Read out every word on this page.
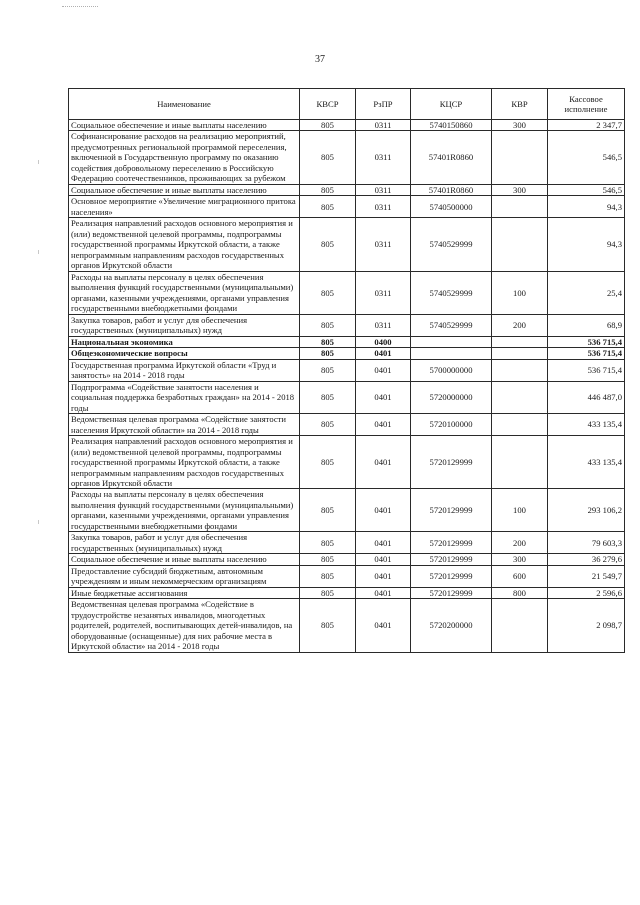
37
Наименование	КВСР	РзПР	КЦСР	КВР	Кассовое исполнение
Социальное обеспечение и иные выплаты населению	805	0311	5740150860	300	2 347,7
Софинансирование расходов на реализацию мероприятий, предусмотренных региональной программой переселения, включенной в Государственную программу по оказанию содействия добровольному переселению в Российскую Федерацию соотечественников, проживающих за рубежом	805	0311	57401R0860		546,5
Социальное обеспечение и иные выплаты населению	805	0311	57401R0860	300	546,5
Основное мероприятие «Увеличение миграционного притока населения»	805	0311	5740500000		94,3
Реализация направлений расходов основного мероприятия и (или) ведомственной целевой программы, подпрограммы государственной программы Иркутской области, а также непрограммным направлениям расходов государственных органов Иркутской области	805	0311	5740529999		94,3
Расходы на выплаты персоналу в целях обеспечения выполнения функций государственными (муниципальными) органами, казенными учреждениями, органами управления государственными внебюджетными фондами	805	0311	5740529999	100	25,4
Закупка товаров, работ и услуг для обеспечения государственных (муниципальных) нужд	805	0311	5740529999	200	68,9
Национальная экономика	805	0400			536 715,4
Общеэкономические вопросы	805	0401			536 715,4
Государственная программа Иркутской области «Труд и занятость» на 2014 - 2018 годы	805	0401	5700000000		536 715,4
Подпрограмма «Содействие занятости населения и социальная поддержка безработных граждан» на 2014 - 2018 годы	805	0401	5720000000		446 487,0
Ведомственная целевая программа «Содействие занятости населения Иркутской области» на 2014 - 2018 годы	805	0401	5720100000		433 135,4
Реализация направлений расходов основного мероприятия и (или) ведомственной целевой программы, подпрограммы государственной программы Иркутской области, а также непрограммным направлениям расходов государственных органов Иркутской области	805	0401	5720129999		433 135,4
Расходы на выплаты персоналу в целях обеспечения выполнения функций государственными (муниципальными) органами, казенными учреждениями, органами управления государственными внебюджетными фондами	805	0401	5720129999	100	293 106,2
Закупка товаров, работ и услуг для обеспечения государственных (муниципальных) нужд	805	0401	5720129999	200	79 603,3
Социальное обеспечение и иные выплаты населению	805	0401	5720129999	300	36 279,6
Предоставление субсидий бюджетным, автономным учреждениям и иным некоммерческим организациям	805	0401	5720129999	600	21 549,7
Иные бюджетные ассигнования	805	0401	5720129999	800	2 596,6
Ведомственная целевая программа «Содействие в трудоустройстве незанятых инвалидов, многодетных родителей, родителей, воспитывающих детей-инвалидов, на оборудованные (оснащенные) для них рабочие места в Иркутской области» на 2014 - 2018 годы	805	0401	5720200000		2 098,7
